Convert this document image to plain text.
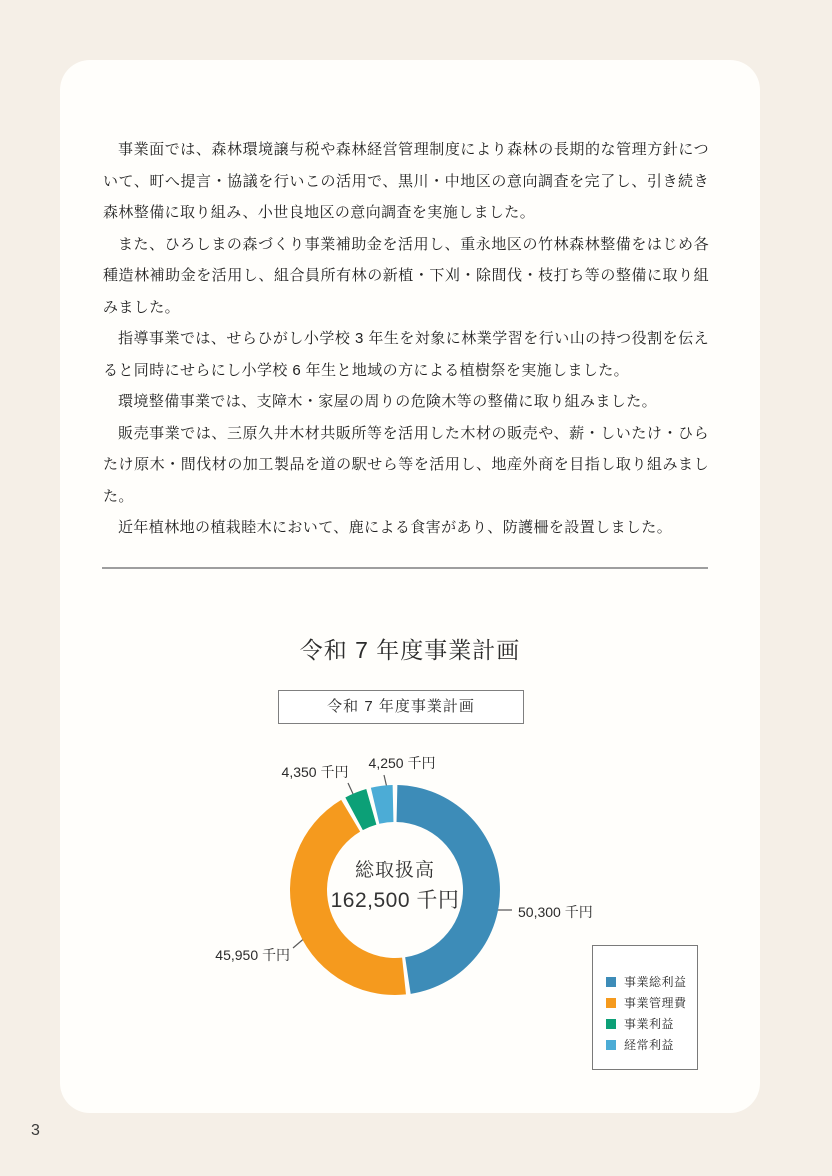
事業面では、森林環境譲与税や森林経営管理制度により森林の長期的な管理方針について、町へ提言・協議を行いこの活用で、黒川・中地区の意向調査を完了し、引き続き森林整備に取り組み、小世良地区の意向調査を実施しました。

また、ひろしまの森づくり事業補助金を活用し、重永地区の竹林森林整備をはじめ各種造林補助金を活用し、組合員所有林の新植・下刈・除間伐・枝打ち等の整備に取り組みました。

指導事業では、せらひがし小学校 3 年生を対象に林業学習を行い山の持つ役割を伝えると同時にせらにし小学校 6 年生と地域の方による植樹祭を実施しました。

環境整備事業では、支障木・家屋の周りの危険木等の整備に取り組みました。

販売事業では、三原久井木材共販所等を活用した木材の販売や、薪・しいたけ・ひらたけ原木・間伐材の加工製品を道の駅せら等を活用し、地産外商を目指し取り組みました。

近年植林地の植栽睦木において、鹿による食害があり、防護柵を設置しました。

令和 7 年度事業計画
令和 7 年度事業計画
総取扱高
162,500 千円
4,350 千円
4,250 千円
50,300 千円
45,950 千円
事業総利益
事業管理費
事業利益
経常利益
3
